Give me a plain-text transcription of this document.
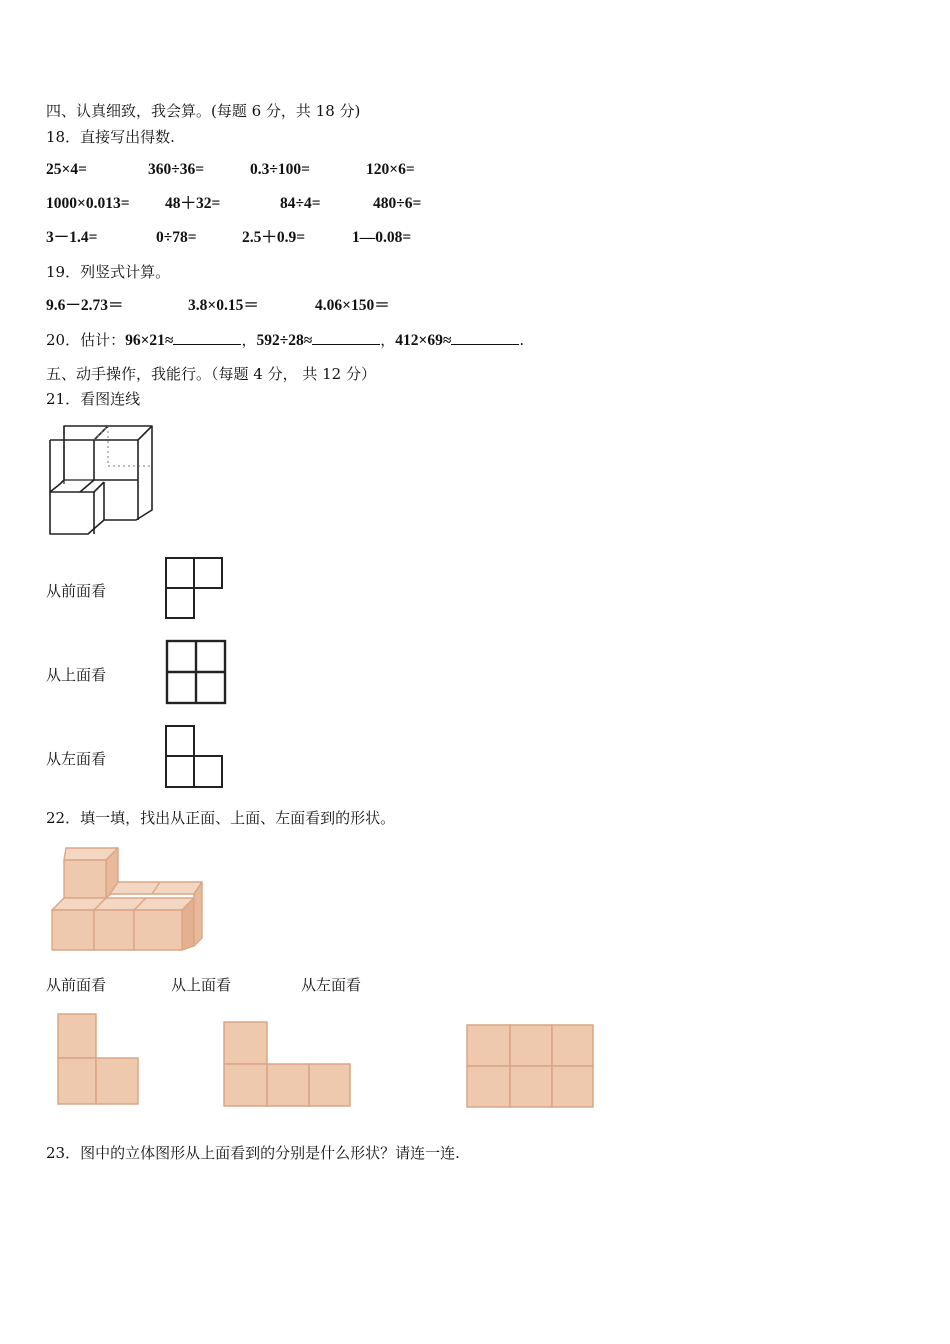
四、认真细致，我会算。(每题 6 分，共 18 分)
18．直接写出得数.
25×4=	360÷36=	0.3÷100=	120×6=
1000×0.013= 48＋32=	84÷4=	480÷6=
3－1.4=	0÷78=	2.5＋0.9=	1—0.08=
19．列竖式计算。
9.6－2.73＝	3.8×0.15＝	4.06×150＝
20．估计：96×21≈	，592÷28≈	，412×69≈	.
五、动手操作，我能行。（每题 4 分， 共 12 分）
21．看图连线
从前面看
从上面看
从左面看
22．填一填，找出从正面、上面、左面看到的形状。
从前面看	从上面看	从左面看
23．图中的立体图形从上面看到的分别是什么形状？请连一连.
